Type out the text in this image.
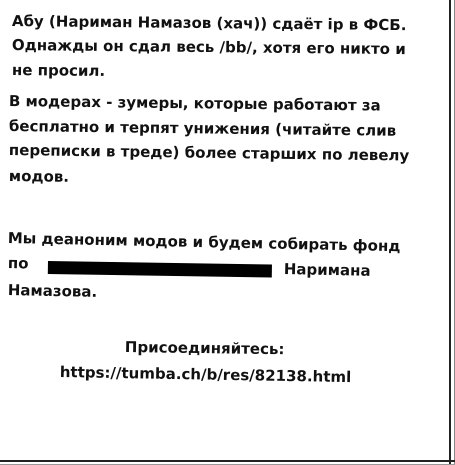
Абу (Нариман Намазов (хач)) сдаёт ip в ФСБ.
Однажды он сдал весь /bb/, хотя его никто и
не просил.
В модерах - зумеры, которые работают за
бесплатно и терпят унижения (читайте слив
переписки в треде) более старших по левелу
модов.
Мы деаноним модов и будем собирать фонд
по	Наримана
Намазова.
Присоединяйтесь:
https://tumba.ch/b/res/82138.html
